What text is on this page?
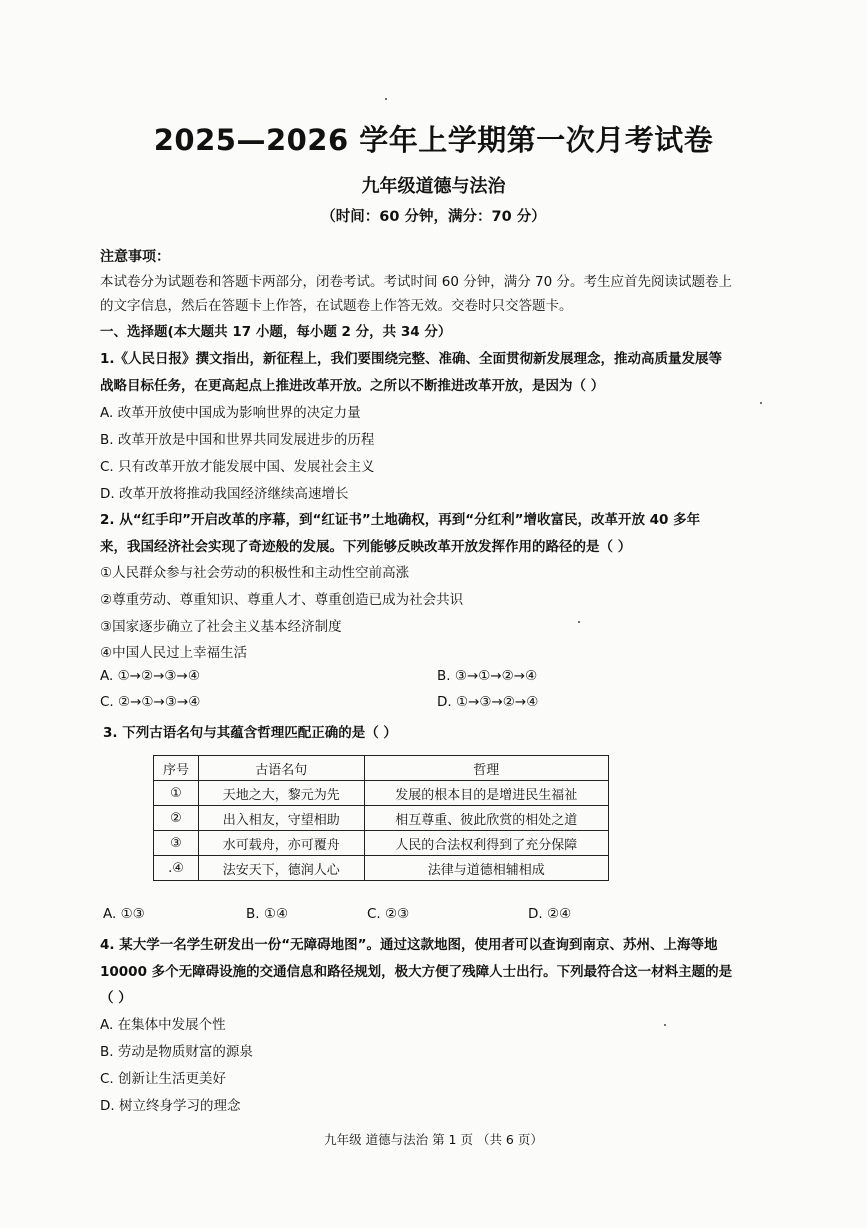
2025—2026 学年上学期第一次月考试卷
九年级道德与法治
（时间：60 分钟，满分：70 分）
注意事项：
本试卷分为试题卷和答题卡两部分，闭卷考试。考试时间 60 分钟，满分 70 分。考生应首先阅读试题卷上
的文字信息，然后在答题卡上作答，在试题卷上作答无效。交卷时只交答题卡。
一、选择题(本大题共 17 小题，每小题 2 分，共 34 分）
1.《人民日报》撰文指出，新征程上，我们要围绕完整、准确、全面贯彻新发展理念，推动高质量发展等
战略目标任务，在更高起点上推进改革开放。之所以不断推进改革开放，是因为（ ）
A. 改革开放使中国成为影响世界的决定力量
B. 改革开放是中国和世界共同发展进步的历程
C. 只有改革开放才能发展中国、发展社会主义
D. 改革开放将推动我国经济继续高速增长
2. 从“红手印”开启改革的序幕，到“红证书”土地确权，再到“分红利”增收富民，改革开放 40 多年
来，我国经济社会实现了奇迹般的发展。下列能够反映改革开放发挥作用的路径的是（ ）
①人民群众参与社会劳动的积极性和主动性空前高涨
②尊重劳动、尊重知识、尊重人才、尊重创造已成为社会共识
③国家逐步确立了社会主义基本经济制度
④中国人民过上幸福生活
A. ①→②→③→④	B. ③→①→②→④
C. ②→①→③→④	D. ①→③→②→④
3. 下列古语名句与其蕴含哲理匹配正确的是（ ）
序号	古语名句	哲理
①	天地之大，黎元为先	发展的根本目的是增进民生福祉
②	出入相友，守望相助	相互尊重、彼此欣赏的相处之道
③	水可载舟，亦可覆舟	人民的合法权利得到了充分保障
.④	法安天下，德润人心	法律与道德相辅相成
A. ①③	B. ①④	C. ②③	D. ②④
4. 某大学一名学生研发出一份“无障碍地图”。通过这款地图，使用者可以查询到南京、苏州、上海等地
10000 多个无障碍设施的交通信息和路径规划，极大方便了残障人士出行。下列最符合这一材料主题的是
（ ）
A. 在集体中发展个性
B. 劳动是物质财富的源泉
C. 创新让生活更美好
D. 树立终身学习的理念
九年级 道德与法治 第 1 页 （共 6 页）
